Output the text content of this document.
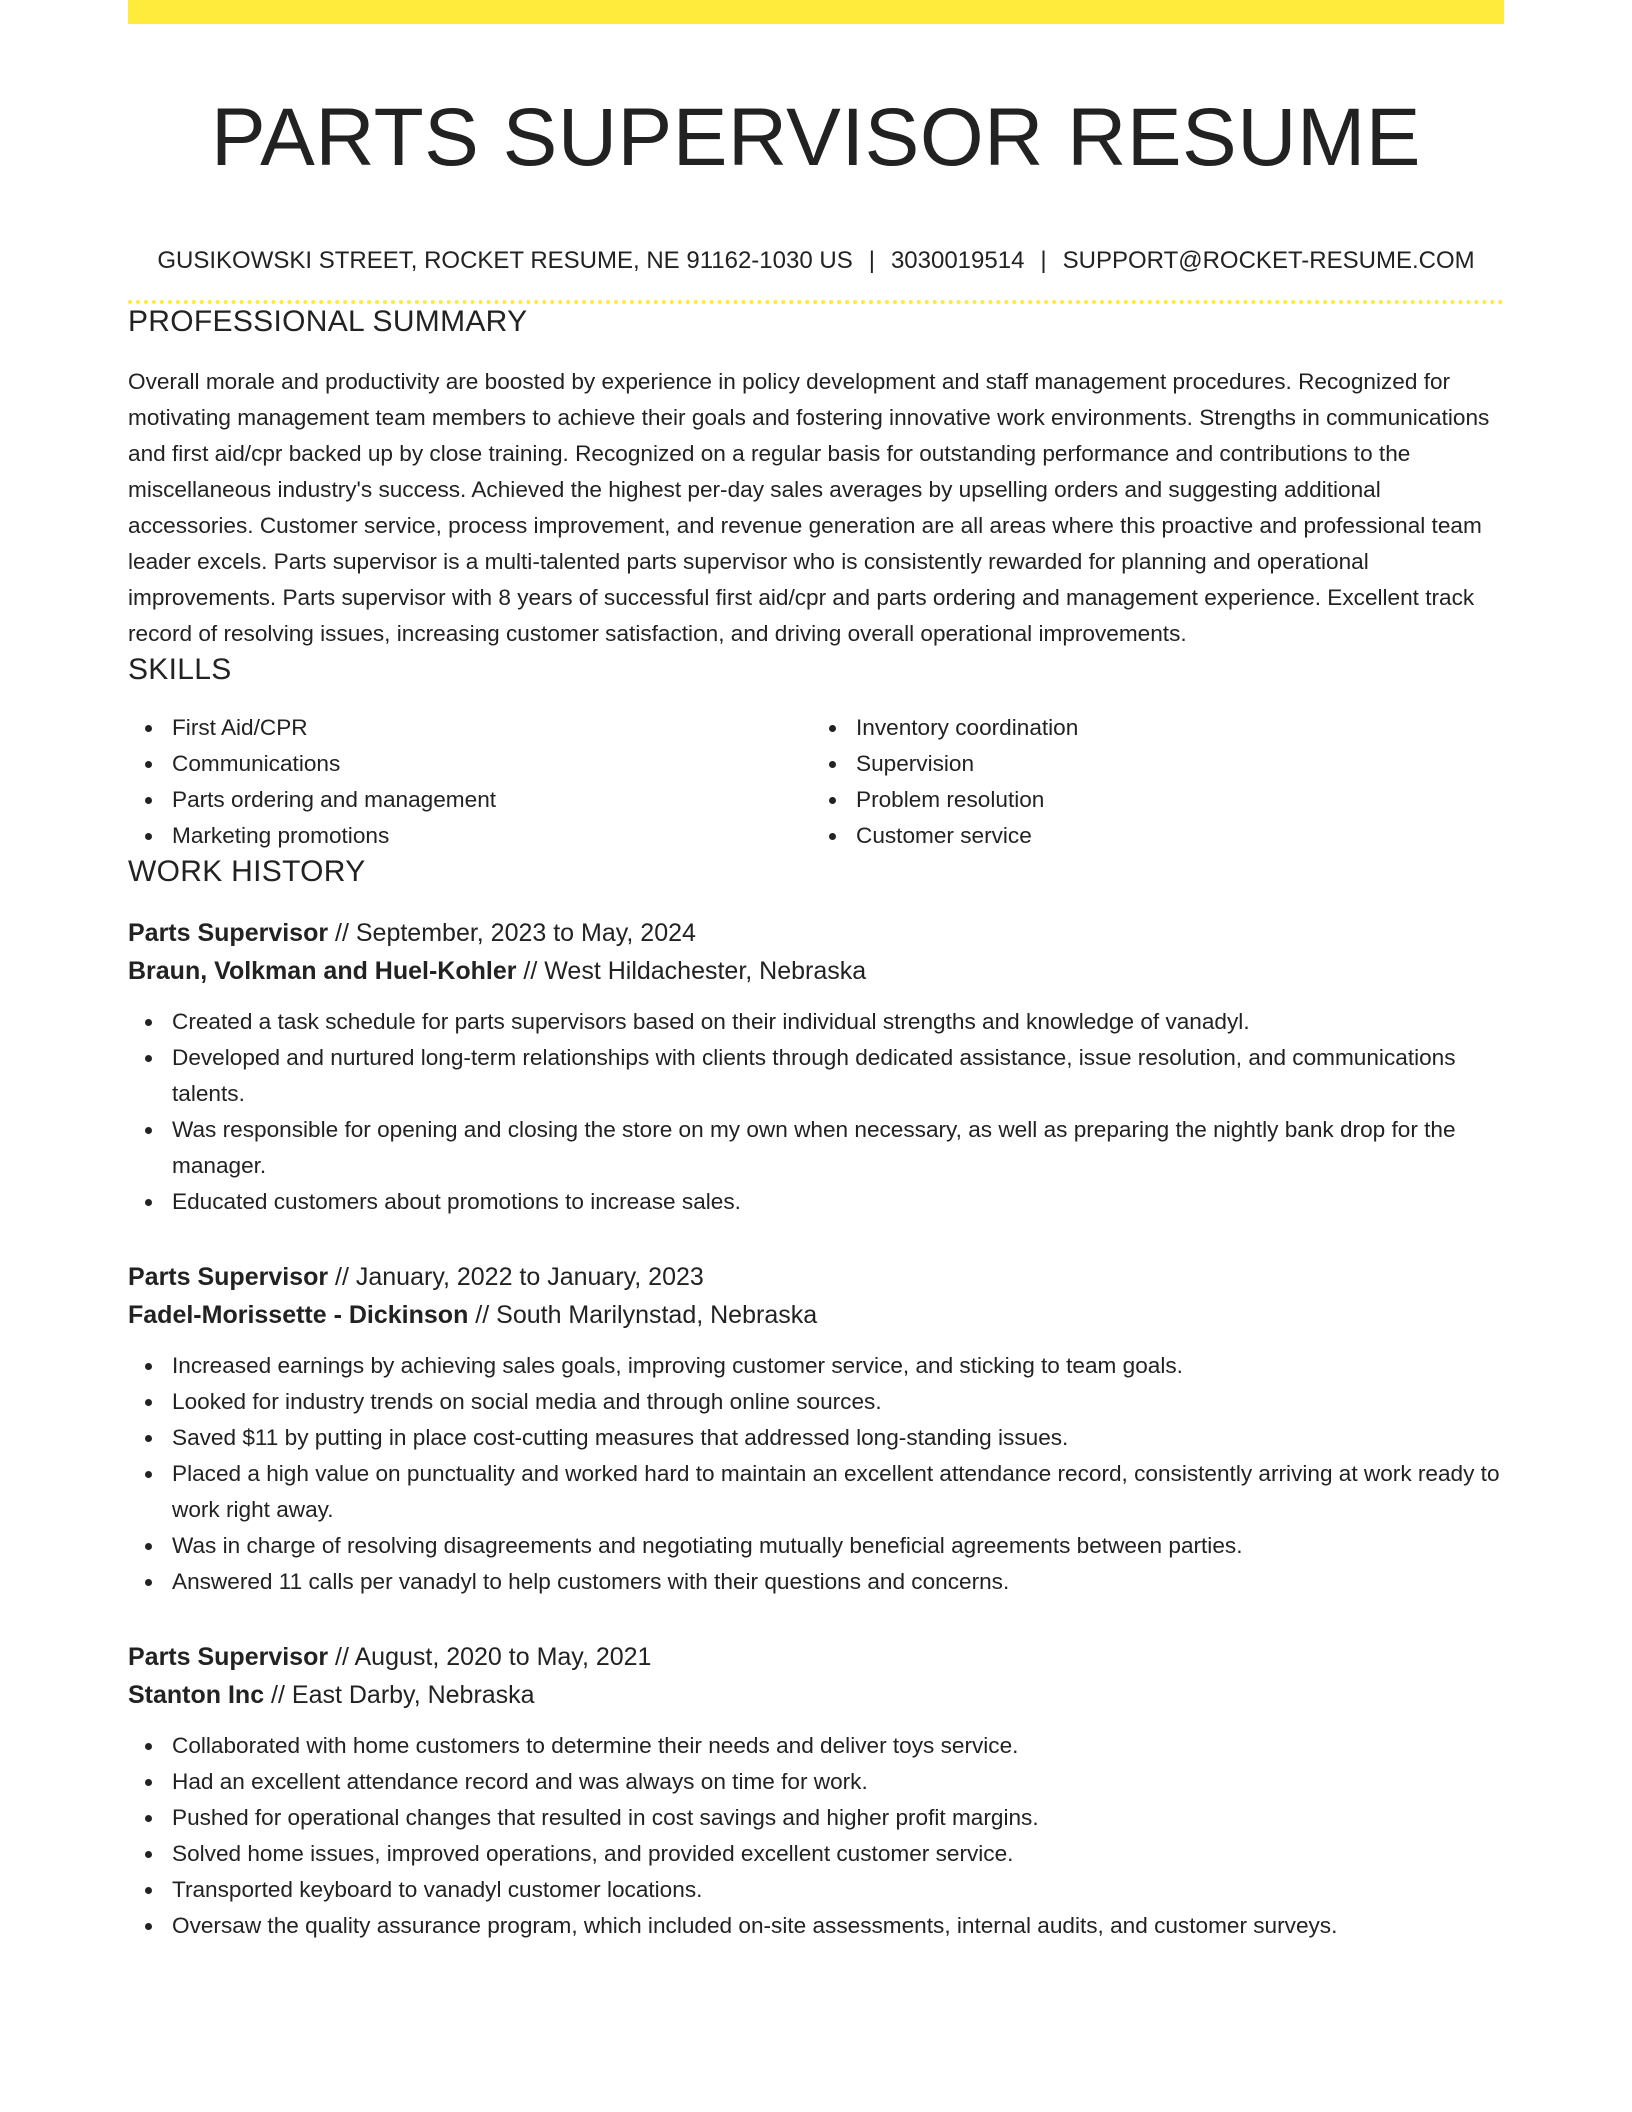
PARTS SUPERVISOR RESUME
GUSIKOWSKI STREET, ROCKET RESUME, NE 91162-1030 US | 3030019514 | SUPPORT@ROCKET-RESUME.COM
PROFESSIONAL SUMMARY

Overall morale and productivity are boosted by experience in policy development and staff management procedures. Recognized for motivating management team members to achieve their goals and fostering innovative work environments. Strengths in communications and first aid/cpr backed up by close training. Recognized on a regular basis for outstanding performance and contributions to the miscellaneous industry's success. Achieved the highest per-day sales averages by upselling orders and suggesting additional accessories. Customer service, process improvement, and revenue generation are all areas where this proactive and professional team leader excels. Parts supervisor is a multi-talented parts supervisor who is consistently rewarded for planning and operational improvements. Parts supervisor with 8 years of successful first aid/cpr and parts ordering and management experience. Excellent track record of resolving issues, increasing customer satisfaction, and driving overall operational improvements.

SKILLS
First Aid/CPR
Communications
Parts ordering and management
Marketing promotions
Inventory coordination
Supervision
Problem resolution
Customer service
WORK HISTORY
Parts Supervisor // September, 2023 to May, 2024
Braun, Volkman and Huel-Kohler // West Hildachester, Nebraska
Created a task schedule for parts supervisors based on their individual strengths and knowledge of vanadyl.
Developed and nurtured long-term relationships with clients through dedicated assistance, issue resolution, and communications talents.
Was responsible for opening and closing the store on my own when necessary, as well as preparing the nightly bank drop for the manager.
Educated customers about promotions to increase sales.
Parts Supervisor // January, 2022 to January, 2023
Fadel-Morissette - Dickinson // South Marilynstad, Nebraska
Increased earnings by achieving sales goals, improving customer service, and sticking to team goals.
Looked for industry trends on social media and through online sources.
Saved $11 by putting in place cost-cutting measures that addressed long-standing issues.
Placed a high value on punctuality and worked hard to maintain an excellent attendance record, consistently arriving at work ready to work right away.
Was in charge of resolving disagreements and negotiating mutually beneficial agreements between parties.
Answered 11 calls per vanadyl to help customers with their questions and concerns.
Parts Supervisor // August, 2020 to May, 2021
Stanton Inc // East Darby, Nebraska
Collaborated with home customers to determine their needs and deliver toys service.
Had an excellent attendance record and was always on time for work.
Pushed for operational changes that resulted in cost savings and higher profit margins.
Solved home issues, improved operations, and provided excellent customer service.
Transported keyboard to vanadyl customer locations.
Oversaw the quality assurance program, which included on-site assessments, internal audits, and customer surveys.
